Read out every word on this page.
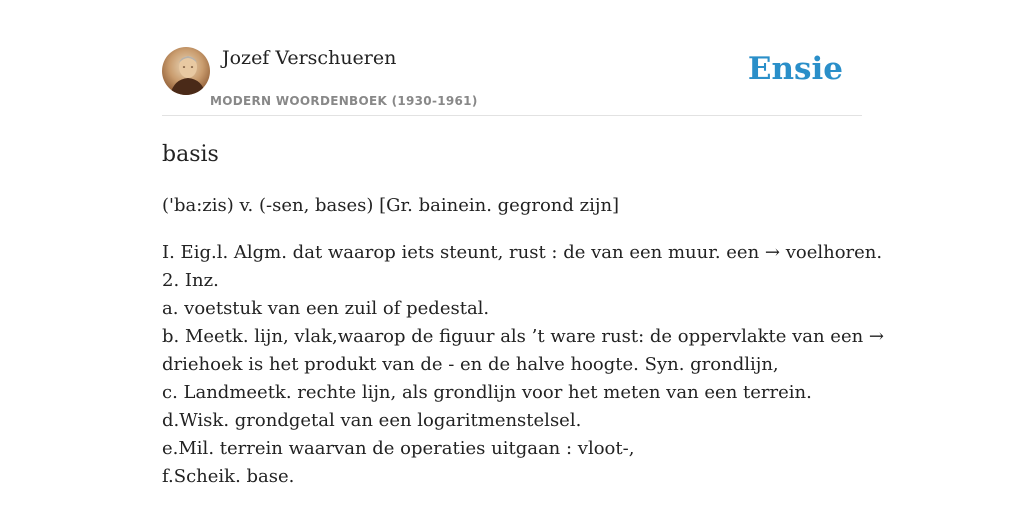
Jozef Verschueren
MODERN WOORDENBOEK (1930-1961)
Ensie
basis
('ba:zis) v. (-sen, bases) [Gr. bainein. gegrond zijn]
I. Eig.l. Algm. dat waarop iets steunt, rust : de van een muur. een → voelhoren.
2. Inz.
a. voetstuk van een zuil of pedestal.
b. Meetk. lijn, vlak,waarop de figuur als ’t ware rust: de oppervlakte van een →
driehoek is het produkt van de - en de halve hoogte. Syn. grondlijn,
c. Landmeetk. rechte lijn, als grondlijn voor het meten van een terrein.
d.Wisk. grondgetal van een logaritmenstelsel.
e.Mil. terrein waarvan de operaties uitgaan : vloot-,
f.Scheik. base.
